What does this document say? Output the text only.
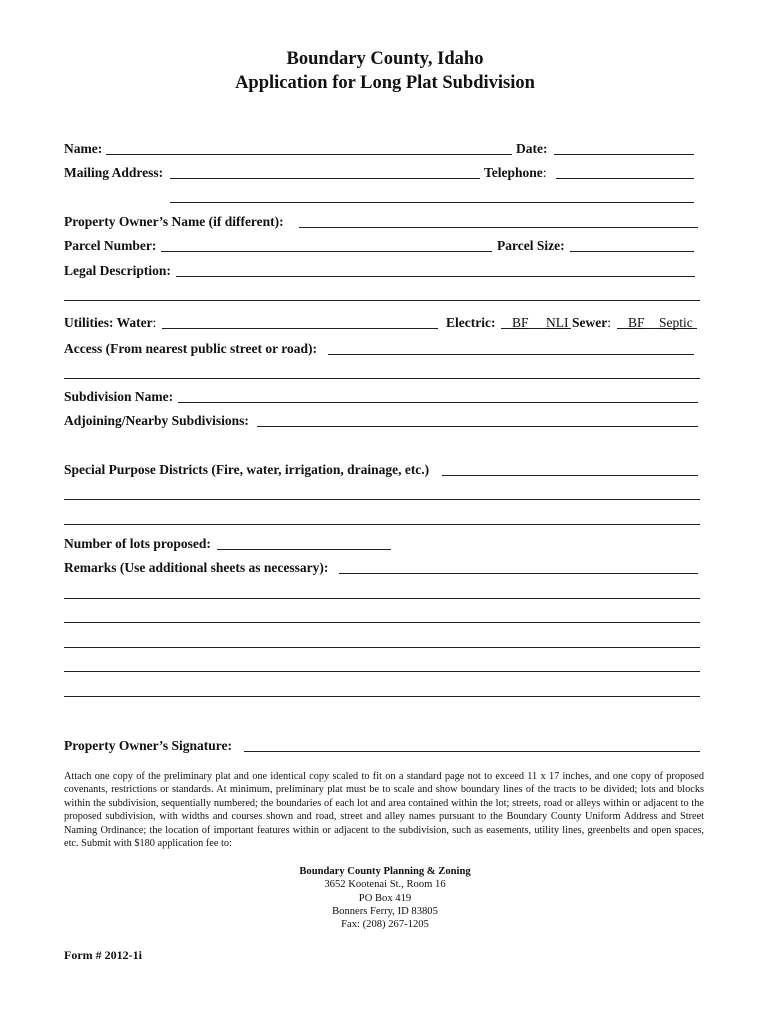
Boundary County, Idaho
Application for Long Plat Subdivision
Name:	Date:
Mailing Address:	Telephone:
Property Owner’s Name (if different):
Parcel Number:	Parcel Size:
Legal Description:
Utilities: Water:	Electric: BF NLI Sewer: BF Septic
Access (From nearest public street or road):
Subdivision Name:
Adjoining/Nearby Subdivisions:
Special Purpose Districts (Fire, water, irrigation, drainage, etc.)
Number of lots proposed:
Remarks (Use additional sheets as necessary):
Property Owner’s Signature:
Attach one copy of the preliminary plat and one identical copy scaled to fit on a standard page not to exceed 11 x 17 inches, and one copy of proposed covenants, restrictions or standards. At minimum, preliminary plat must be to scale and show boundary lines of the tracts to be divided; lots and blocks within the subdivision, sequentially numbered; the boundaries of each lot and area contained within the lot; streets, road or alleys within or adjacent to the proposed subdivision, with widths and courses shown and road, street and alley names pursuant to the Boundary County Uniform Address and Street Naming Ordinance; the location of important features within or adjacent to the subdivision, such as easements, utility lines, greenbelts and open spaces, etc. Submit with $180 application fee to:
Boundary County Planning & Zoning
3652 Kootenai St., Room 16
PO Box 419
Bonners Ferry, ID 83805
Fax: (208) 267-1205
Form # 2012-1i
